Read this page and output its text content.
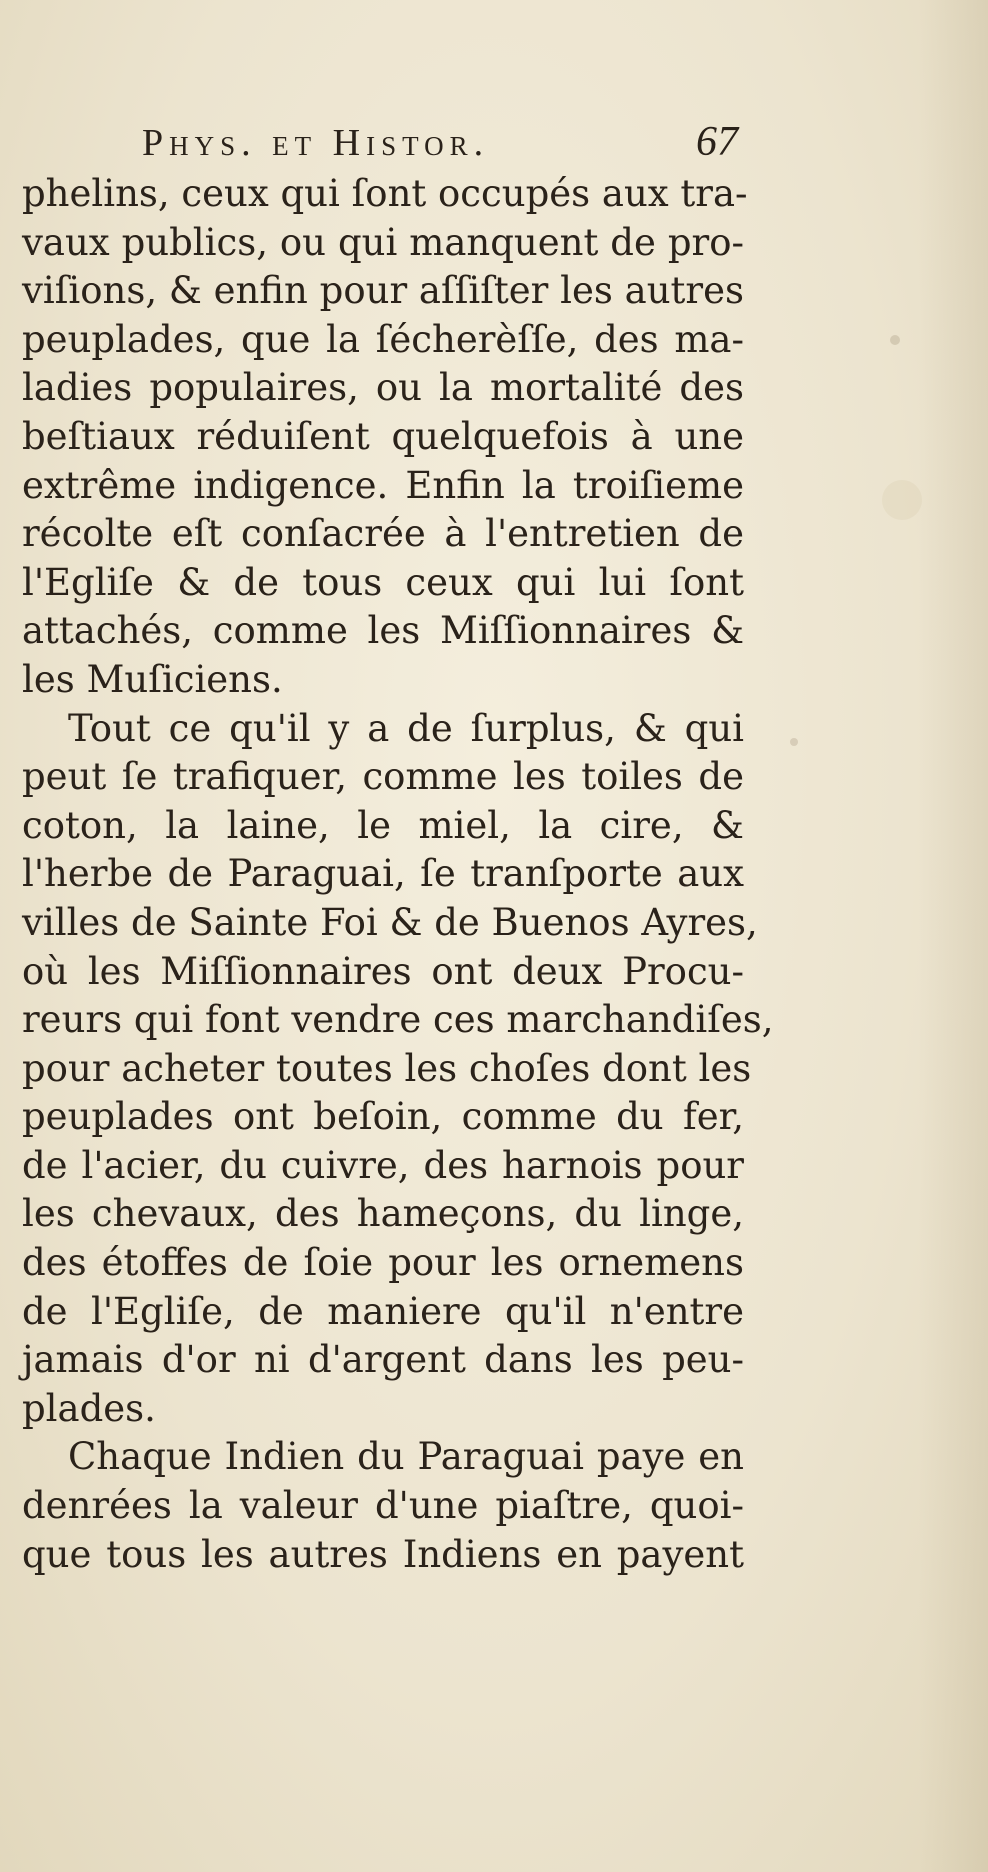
Phys. et Histor.	67
phelins, ceux qui ſont occupés aux tra-
vaux publics, ou qui manquent de pro-
viſions, & enfin pour aſſiſter les autres
peuplades, que la ſécherèſſe, des ma-
ladies populaires, ou la mortalité des
beſtiaux réduiſent quelquefois à une
extrême indigence. Enfin la troiſieme
récolte eſt conſacrée à l'entretien de
l'Egliſe & de tous ceux qui lui ſont
attachés, comme les Miſſionnaires &
les Muſiciens.
Tout ce qu'il y a de ſurplus, & qui
peut ſe trafiquer, comme les toiles de
coton, la laine, le miel, la cire, &
l'herbe de Paraguai, ſe tranſporte aux
villes de Sainte Foi & de Buenos Ayres,
où les Miſſionnaires ont deux Procu-
reurs qui font vendre ces marchandiſes,
pour acheter toutes les choſes dont les
peuplades ont beſoin, comme du fer,
de l'acier, du cuivre, des harnois pour
les chevaux, des hameçons, du linge,
des étoffes de ſoie pour les ornemens
de l'Egliſe, de maniere qu'il n'entre
jamais d'or ni d'argent dans les peu-
plades.
Chaque Indien du Paraguai paye en
denrées la valeur d'une piaſtre, quoi-
que tous les autres Indiens en payent
